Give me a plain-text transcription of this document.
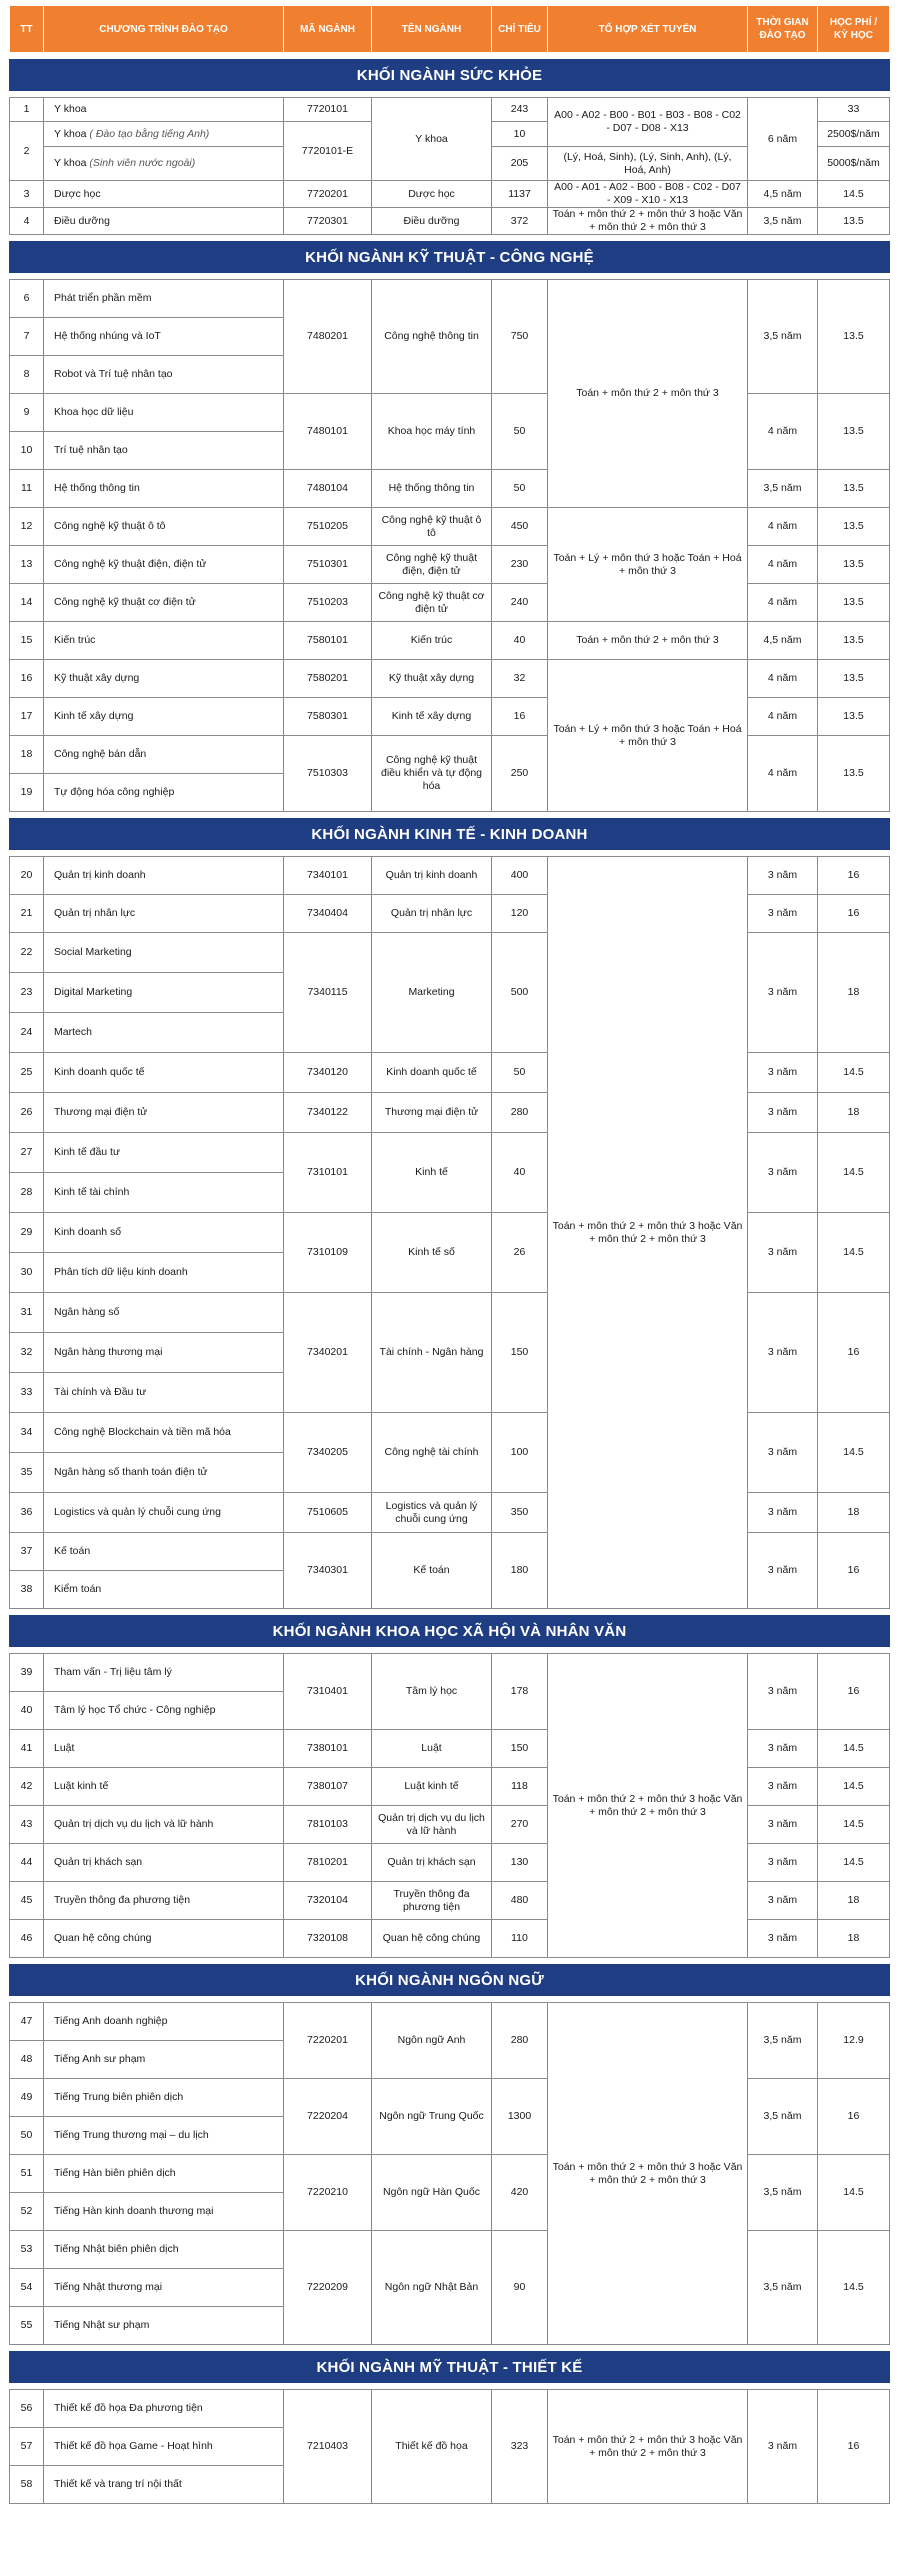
TT	CHƯƠNG TRÌNH ĐÀO TẠO	MÃ NGÀNH	TÊN NGÀNH	CHỈ TIÊU	TỔ HỢP XÉT TUYỂN	THỜI GIAN ĐÀO TẠO	HỌC PHÍ / KỲ HỌC

KHỐI NGÀNH SỨC KHỎE							

1	Y khoa	7720101	Y khoa	243	A00 - A02 - B00 - B01 - B03 - B08 - C02 - D07 - D08 - X13	6 năm	33
2	Y khoa ( Đào tạo bằng tiếng Anh)	7720101-E		10			2500$/năm
	Y khoa (Sinh viên nước ngoài)			205	(Lý, Hoá, Sinh), (Lý, Sinh, Anh), (Lý, Hoá, Anh)		5000$/năm
3	Dược học	7720201	Dược học	1137	A00 - A01 - A02 - B00 - B08 - C02 - D07 - X09 - X10 - X13	4,5 năm	14.5
4	Điều dưỡng	7720301	Điều dưỡng	372	Toán + môn thứ 2 + môn thứ 3 hoặc Văn + môn thứ 2 + môn thứ 3	3,5 năm	13.5

KHỐI NGÀNH KỸ THUẬT - CÔNG NGHỆ							

6	Phát triển phần mềm	7480201	Công nghệ thông tin	750	Toán + môn thứ 2 + môn thứ 3	3,5 năm	13.5
7	Hệ thống nhúng và IoT						
8	Robot và Trí tuệ nhân tạo						
9	Khoa học dữ liệu	7480101	Khoa học máy tính	50		4 năm	13.5
10	Trí tuệ nhân tạo						
11	Hệ thống thông tin	7480104	Hệ thống thông tin	50		3,5 năm	13.5
12	Công nghệ kỹ thuật ô tô	7510205	Công nghệ kỹ thuật ô tô	450	Toán + Lý + môn thứ 3 hoặc Toán + Hoá + môn thứ 3	4 năm	13.5
13	Công nghệ kỹ thuật điện, điện tử	7510301	Công nghệ kỹ thuật điện, điện tử	230		4 năm	13.5
14	Công nghệ kỹ thuật cơ điện tử	7510203	Công nghệ kỹ thuật cơ điện tử	240		4 năm	13.5
15	Kiến trúc	7580101	Kiến trúc	40	Toán + môn thứ 2 + môn thứ 3	4,5 năm	13.5
16	Kỹ thuật xây dựng	7580201	Kỹ thuật xây dựng	32	Toán + Lý + môn thứ 3 hoặc Toán + Hoá + môn thứ 3	4 năm	13.5
17	Kinh tế xây dựng	7580301	Kinh tế xây dựng	16		4 năm	13.5
18	Công nghệ bán dẫn	7510303	Công nghệ kỹ thuật điều khiển và tự động hóa	250		4 năm	13.5
19	Tự động hóa công nghiệp						

KHỐI NGÀNH KINH TẾ - KINH DOANH							

20	Quản trị kinh doanh	7340101	Quản trị kinh doanh	400	Toán + môn thứ 2 + môn thứ 3 hoặc Văn + môn thứ 2 + môn thứ 3	3 năm	16
21	Quản trị nhân lực	7340404	Quản trị nhân lực	120		3 năm	16
22	Social Marketing	7340115	Marketing	500		3 năm	18
23	Digital Marketing						
24	Martech						
25	Kinh doanh quốc tế	7340120	Kinh doanh quốc tế	50		3 năm	14.5
26	Thương mại điện tử	7340122	Thương mại điện tử	280		3 năm	18
27	Kinh tế đầu tư	7310101	Kinh tế	40		3 năm	14.5
28	Kinh tế tài chính						
29	Kinh doanh số	7310109	Kinh tế số	26		3 năm	14.5
30	Phân tích dữ liệu kinh doanh						
31	Ngân hàng số	7340201	Tài chính - Ngân hàng	150		3 năm	16
32	Ngân hàng thương mại						
33	Tài chính và Đầu tư						
34	Công nghệ Blockchain và tiền mã hóa	7340205	Công nghệ tài chính	100		3 năm	14.5
35	Ngân hàng số thanh toán điện tử						
36	Logistics và quản lý chuỗi cung ứng	7510605	Logistics và quản lý chuỗi cung ứng	350		3 năm	18
37	Kế toán	7340301	Kế toán	180		3 năm	16
38	Kiểm toán						

KHỐI NGÀNH KHOA HỌC XÃ HỘI VÀ NHÂN VĂN							

39	Tham vấn - Trị liệu tâm lý	7310401	Tâm lý học	178	Toán + môn thứ 2 + môn thứ 3 hoặc Văn + môn thứ 2 + môn thứ 3	3 năm	16
40	Tâm lý học Tổ chức - Công nghiệp						
41	Luật	7380101	Luật	150		3 năm	14.5
42	Luật kinh tế	7380107	Luật kinh tế	118		3 năm	14.5
43	Quản trị dịch vụ du lịch và lữ hành	7810103	Quản trị dịch vụ du lịch và lữ hành	270		3 năm	14.5
44	Quản trị khách sạn	7810201	Quản trị khách sạn	130		3 năm	14.5
45	Truyền thông đa phương tiện	7320104	Truyền thông đa phương tiện	480		3 năm	18
46	Quan hệ công chúng	7320108	Quan hệ công chúng	110		3 năm	18

KHỐI NGÀNH NGÔN NGỮ							

47	Tiếng Anh doanh nghiệp	7220201	Ngôn ngữ Anh	280	Toán + môn thứ 2 + môn thứ 3 hoặc Văn + môn thứ 2 + môn thứ 3	3,5 năm	12.9
48	Tiếng Anh sư phạm						
49	Tiếng Trung biên phiên dịch	7220204	Ngôn ngữ Trung Quốc	1300		3,5 năm	16
50	Tiếng Trung thương mại – du lịch						
51	Tiếng Hàn biên phiên dịch	7220210	Ngôn ngữ Hàn Quốc	420		3,5 năm	14.5
52	Tiếng Hàn kinh doanh thương mại						
53	Tiếng Nhật biên phiên dịch	7220209	Ngôn ngữ Nhật Bản	90		3,5 năm	14.5
54	Tiếng Nhật thương mại						
55	Tiếng Nhật sư phạm						

KHỐI NGÀNH MỸ THUẬT - THIẾT KẾ							

56	Thiết kế đồ họa Đa phương tiện	7210403	Thiết kế đồ họa	323	Toán + môn thứ 2 + môn thứ 3 hoặc Văn + môn thứ 2 + môn thứ 3	3 năm	16
57	Thiết kế đồ họa Game - Hoạt hình						
58	Thiết kế và trang trí nội thất						
